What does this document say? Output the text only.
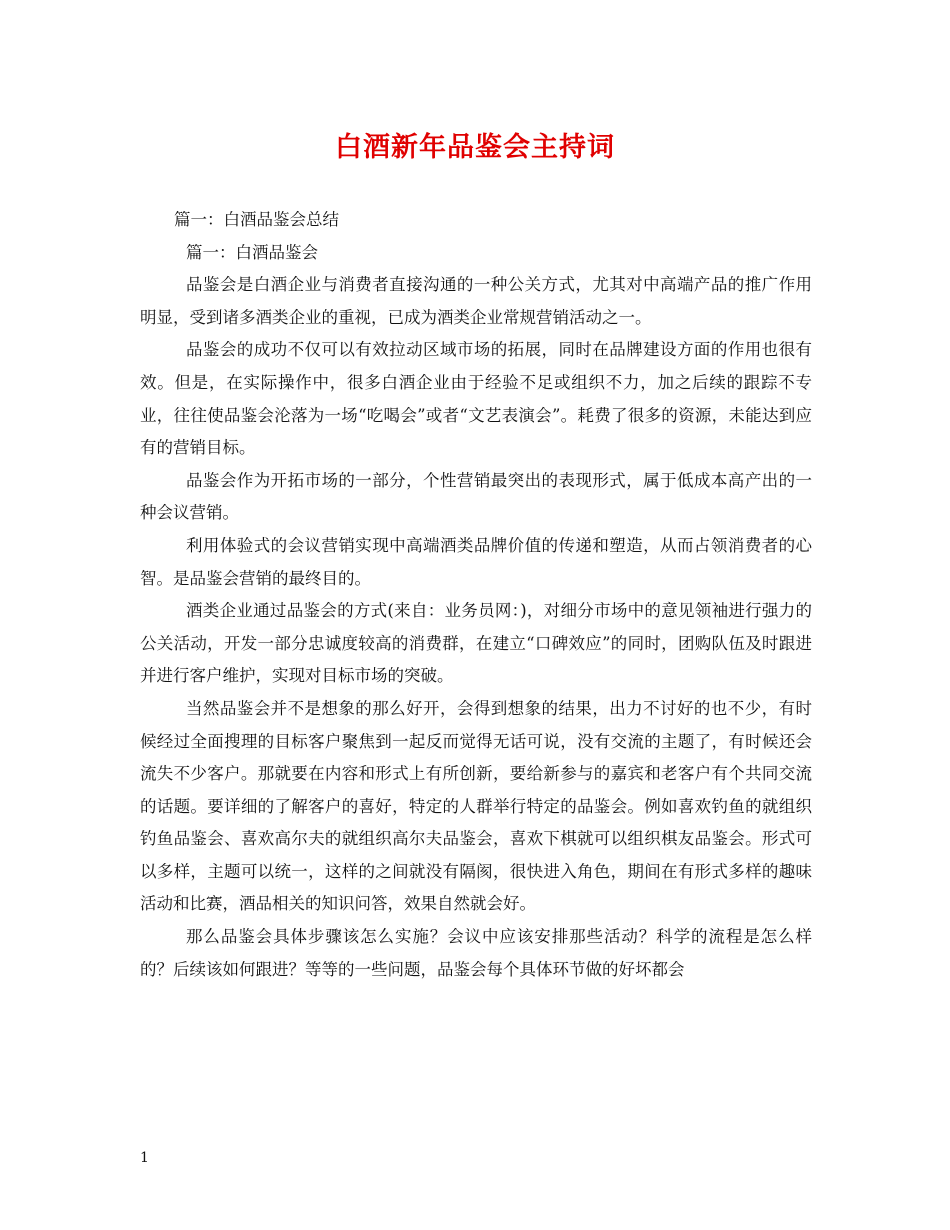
白酒新年品鉴会主持词

篇一：白酒品鉴会总结

篇一：白酒品鉴会

品鉴会是白酒企业与消费者直接沟通的一种公关方式，尤其对中高端产品的推广作用明显，受到诸多酒类企业的重视，已成为酒类企业常规营销活动之一。

品鉴会的成功不仅可以有效拉动区域市场的拓展，同时在品牌建设方面的作用也很有效。但是，在实际操作中，很多白酒企业由于经验不足或组织不力，加之后续的跟踪不专业，往往使品鉴会沦落为一场“吃喝会”或者“文艺表演会”。耗费了很多的资源，未能达到应有的营销目标。

品鉴会作为开拓市场的一部分，个性营销最突出的表现形式，属于低成本高产出的一种会议营销。

利用体验式的会议营销实现中高端酒类品牌价值的传递和塑造，从而占领消费者的心智。是品鉴会营销的最终目的。

酒类企业通过品鉴会的方式(来自：业务员网：)，对细分市场中的意见领袖进行强力的公关活动，开发一部分忠诚度较高的消费群，在建立“口碑效应”的同时，团购队伍及时跟进并进行客户维护，实现对目标市场的突破。

当然品鉴会并不是想象的那么好开，会得到想象的结果，出力不讨好的也不少，有时候经过全面搜理的目标客户聚焦到一起反而觉得无话可说，没有交流的主题了，有时候还会流失不少客户。那就要在内容和形式上有所创新，要给新参与的嘉宾和老客户有个共同交流的话题。要详细的了解客户的喜好，特定的人群举行特定的品鉴会。例如喜欢钓鱼的就组织钓鱼品鉴会、喜欢高尔夫的就组织高尔夫品鉴会，喜欢下棋就可以组织棋友品鉴会。形式可以多样，主题可以统一，这样的之间就没有隔阂，很快进入角色，期间在有形式多样的趣味活动和比赛，酒品相关的知识问答，效果自然就会好。

那么品鉴会具体步骤该怎么实施？会议中应该安排那些活动？科学的流程是怎么样的？后续该如何跟进？等等的一些问题，品鉴会每个具体环节做的好坏都会

1
